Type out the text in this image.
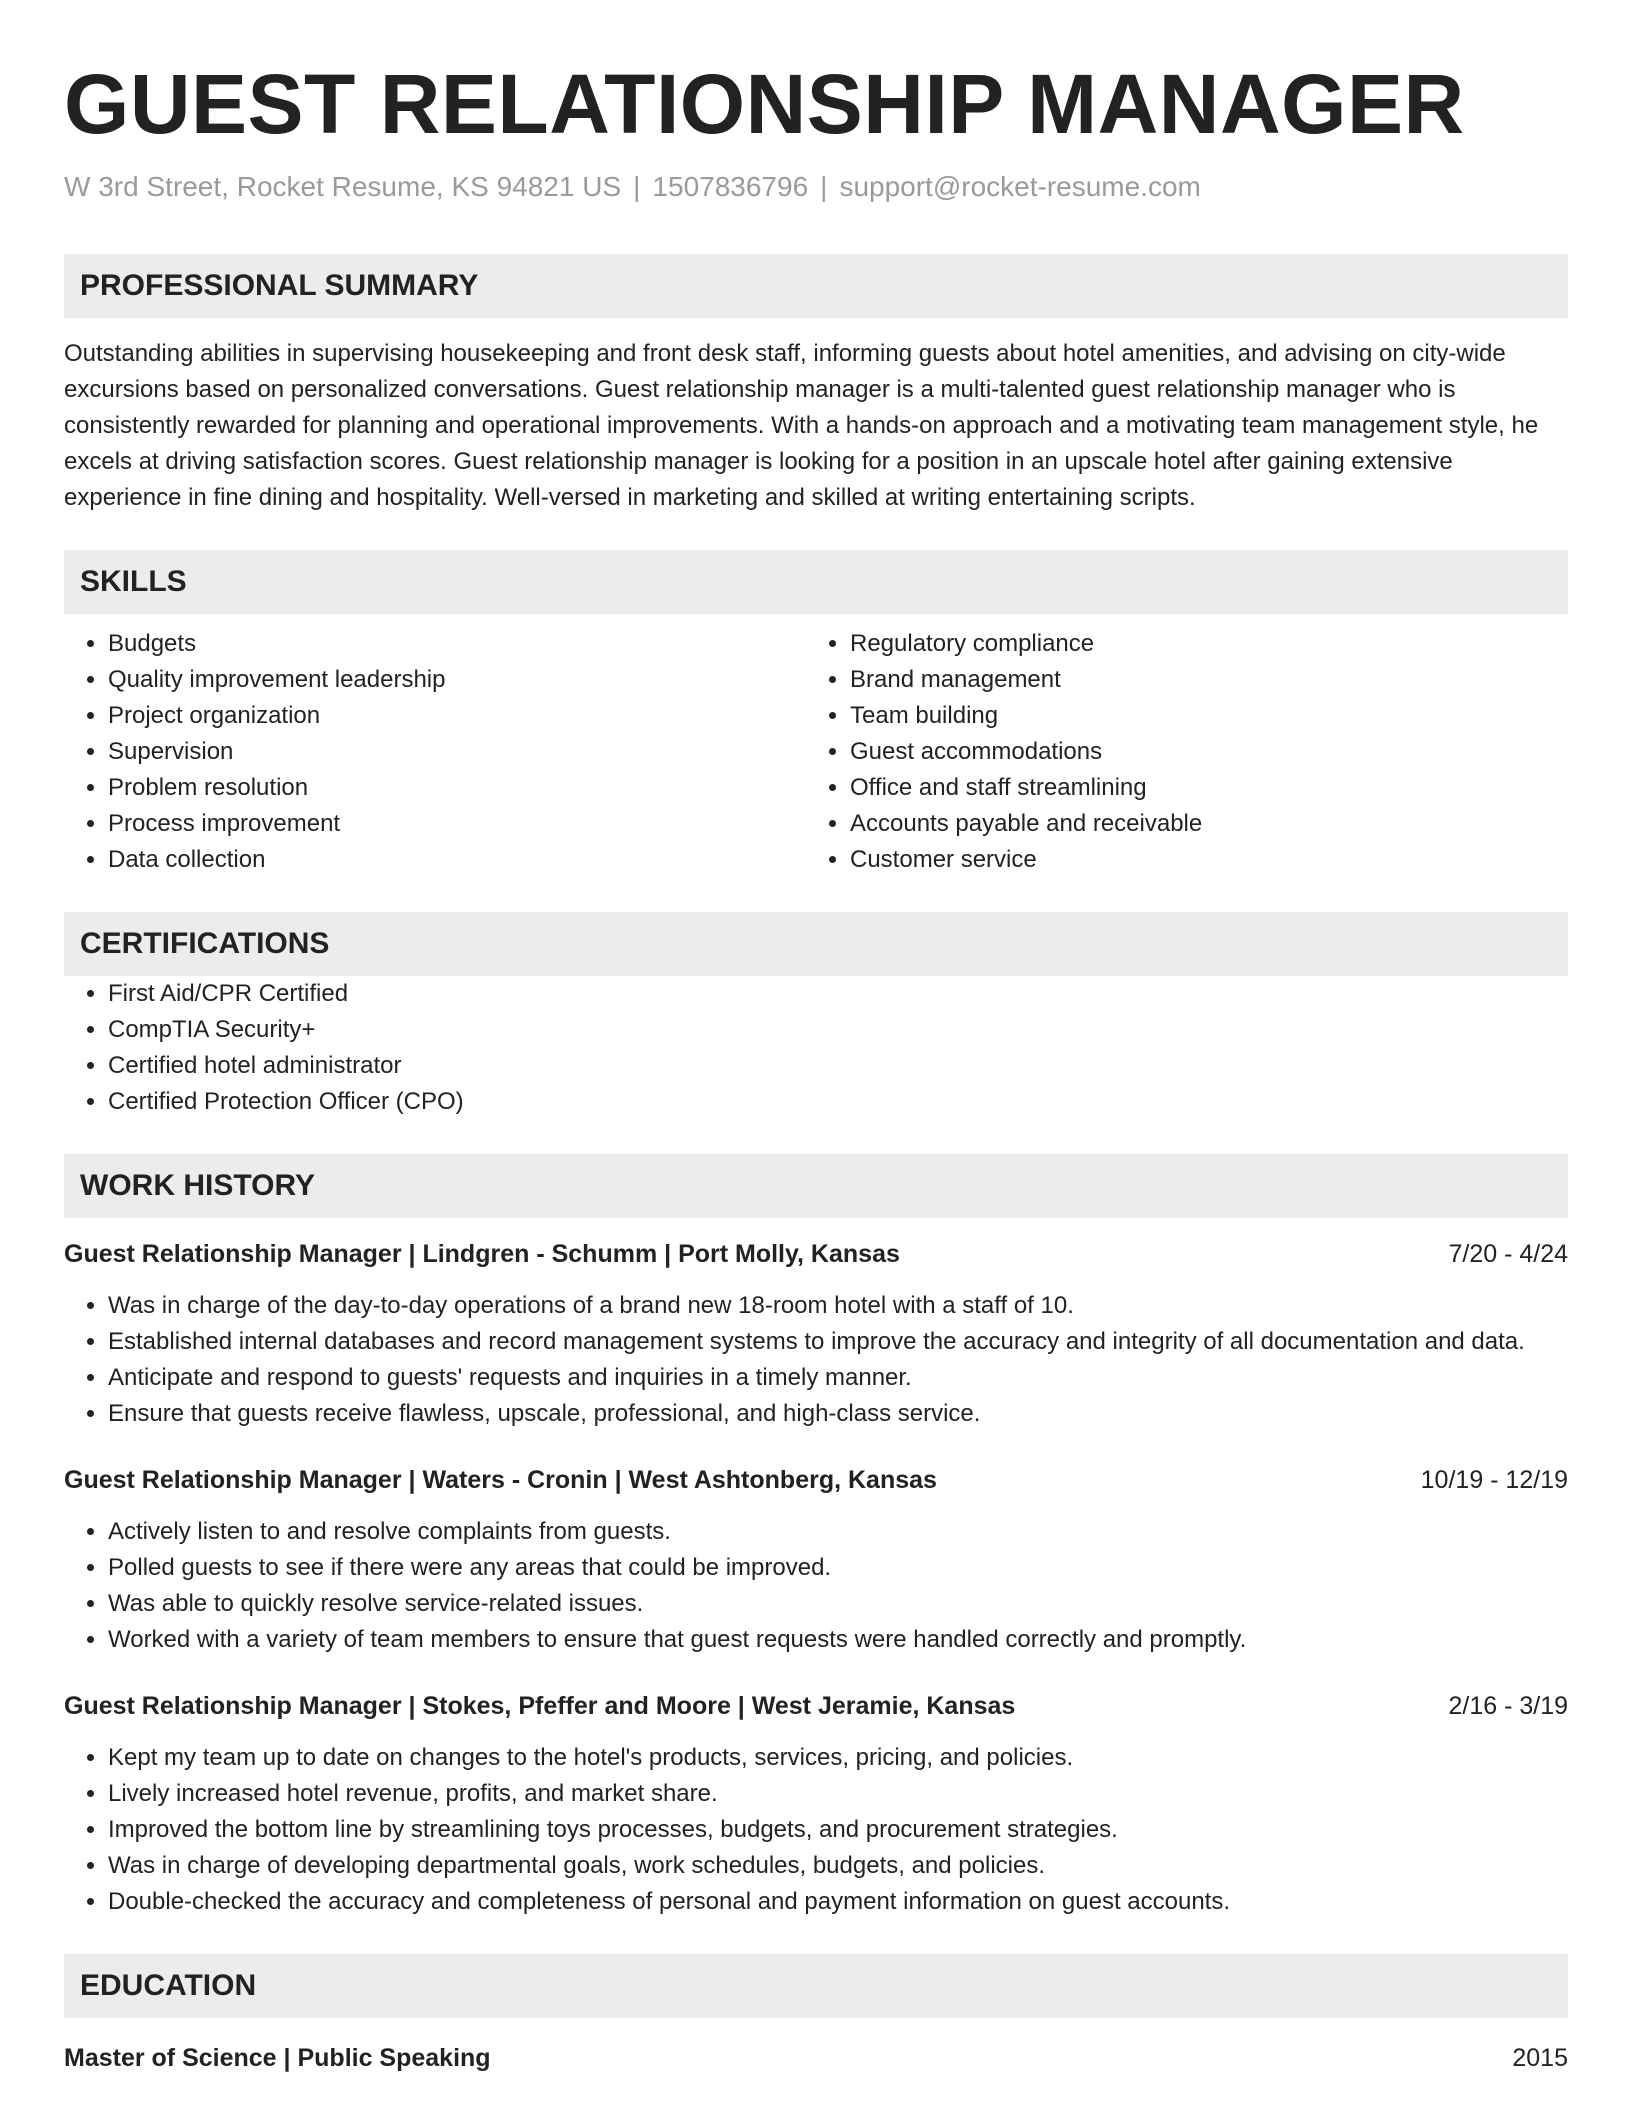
GUEST RELATIONSHIP MANAGER
W 3rd Street, Rocket Resume, KS 94821 US | 1507836796 | support@rocket-resume.com
PROFESSIONAL SUMMARY

Outstanding abilities in supervising housekeeping and front desk staff, informing guests about hotel amenities, and advising on city-wide excursions based on personalized conversations. Guest relationship manager is a multi-talented guest relationship manager who is consistently rewarded for planning and operational improvements. With a hands-on approach and a motivating team management style, he excels at driving satisfaction scores. Guest relationship manager is looking for a position in an upscale hotel after gaining extensive experience in fine dining and hospitality. Well-versed in marketing and skilled at writing entertaining scripts.

SKILLS
• Budgets
• Quality improvement leadership
• Project organization
• Supervision
• Problem resolution
• Process improvement
• Data collection
• Regulatory compliance
• Brand management
• Team building
• Guest accommodations
• Office and staff streamlining
• Accounts payable and receivable
• Customer service
CERTIFICATIONS
• First Aid/CPR Certified
• CompTIA Security+
• Certified hotel administrator
• Certified Protection Officer (CPO)
WORK HISTORY
Guest Relationship Manager | Lindgren - Schumm | Port Molly, Kansas	7/20 - 4/24
• Was in charge of the day-to-day operations of a brand new 18-room hotel with a staff of 10.
• Established internal databases and record management systems to improve the accuracy and integrity of all documentation and data.
• Anticipate and respond to guests' requests and inquiries in a timely manner.
• Ensure that guests receive flawless, upscale, professional, and high-class service.
Guest Relationship Manager | Waters - Cronin | West Ashtonberg, Kansas	10/19 - 12/19
• Actively listen to and resolve complaints from guests.
• Polled guests to see if there were any areas that could be improved.
• Was able to quickly resolve service-related issues.
• Worked with a variety of team members to ensure that guest requests were handled correctly and promptly.
Guest Relationship Manager | Stokes, Pfeffer and Moore | West Jeramie, Kansas	2/16 - 3/19
• Kept my team up to date on changes to the hotel's products, services, pricing, and policies.
• Lively increased hotel revenue, profits, and market share.
• Improved the bottom line by streamlining toys processes, budgets, and procurement strategies.
• Was in charge of developing departmental goals, work schedules, budgets, and policies.
• Double-checked the accuracy and completeness of personal and payment information on guest accounts.
EDUCATION
Master of Science | Public Speaking	2015
